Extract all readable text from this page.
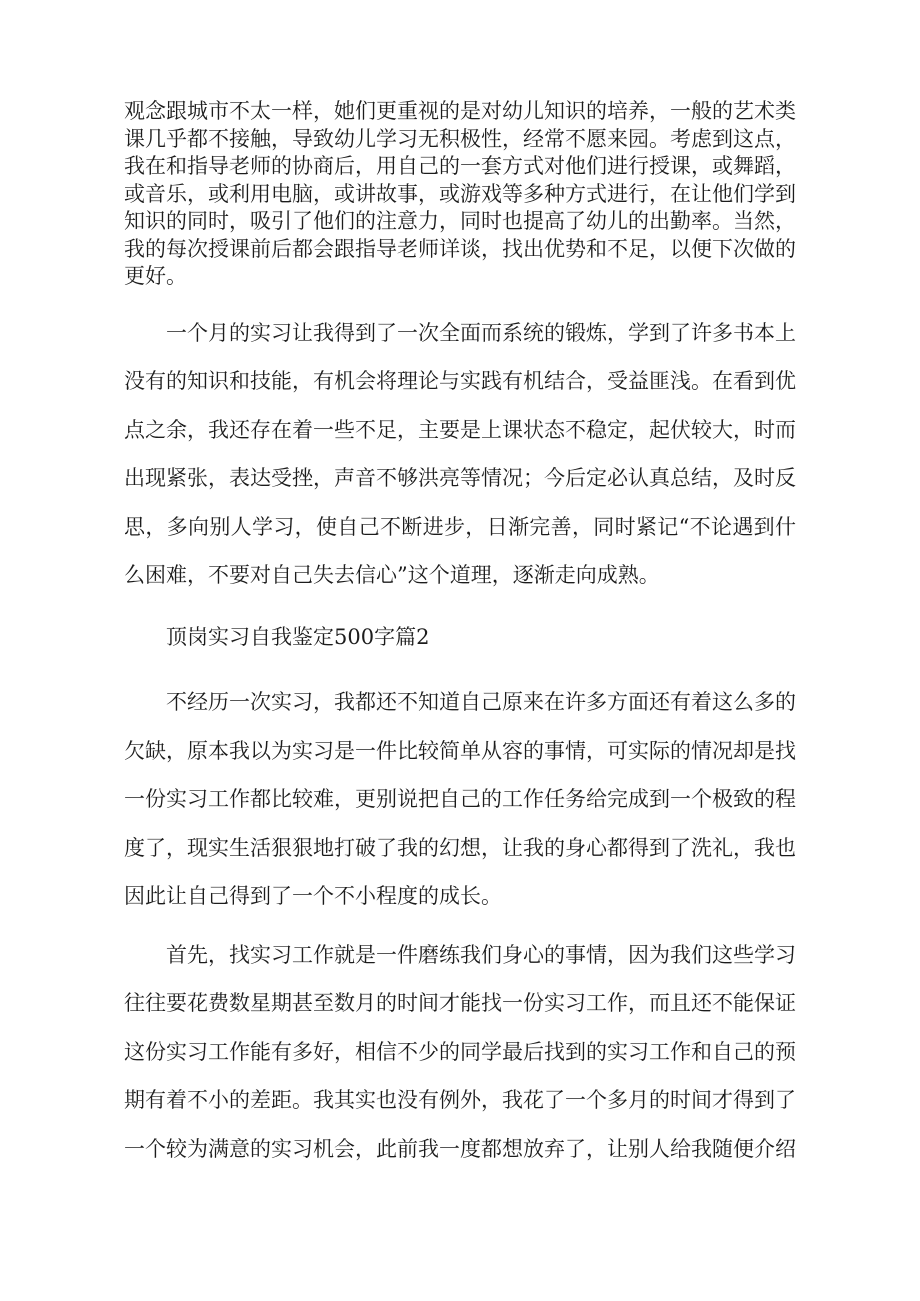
观念跟城市不太一样，她们更重视的是对幼儿知识的培养，一般的艺术类课几乎都不接触，导致幼儿学习无积极性，经常不愿来园。考虑到这点，我在和指导老师的协商后，用自己的一套方式对他们进行授课，或舞蹈，或音乐，或利用电脑，或讲故事，或游戏等多种方式进行，在让他们学到知识的同时，吸引了他们的注意力，同时也提高了幼儿的出勤率。当然，我的每次授课前后都会跟指导老师详谈，找出优势和不足，以便下次做的更好。

一个月的实习让我得到了一次全面而系统的锻炼，学到了许多书本上没有的知识和技能，有机会将理论与实践有机结合，受益匪浅。在看到优点之余，我还存在着一些不足，主要是上课状态不稳定，起伏较大，时而出现紧张，表达受挫，声音不够洪亮等情况；今后定必认真总结，及时反思，多向别人学习，使自己不断进步，日渐完善，同时紧记“不论遇到什么困难，不要对自己失去信心”这个道理，逐渐走向成熟。

顶岗实习自我鉴定500字篇2

不经历一次实习，我都还不知道自己原来在许多方面还有着这么多的欠缺，原本我以为实习是一件比较简单从容的事情，可实际的情况却是找一份实习工作都比较难，更别说把自己的工作任务给完成到一个极致的程度了，现实生活狠狠地打破了我的幻想，让我的身心都得到了洗礼，我也因此让自己得到了一个不小程度的成长。

首先，找实习工作就是一件磨练我们身心的事情，因为我们这些学习往往要花费数星期甚至数月的时间才能找一份实习工作，而且还不能保证这份实习工作能有多好，相信不少的同学最后找到的实习工作和自己的预期有着不小的差距。我其实也没有例外，我花了一个多月的时间才得到了一个较为满意的实习机会，此前我一度都想放弃了，让别人给我随便介绍
